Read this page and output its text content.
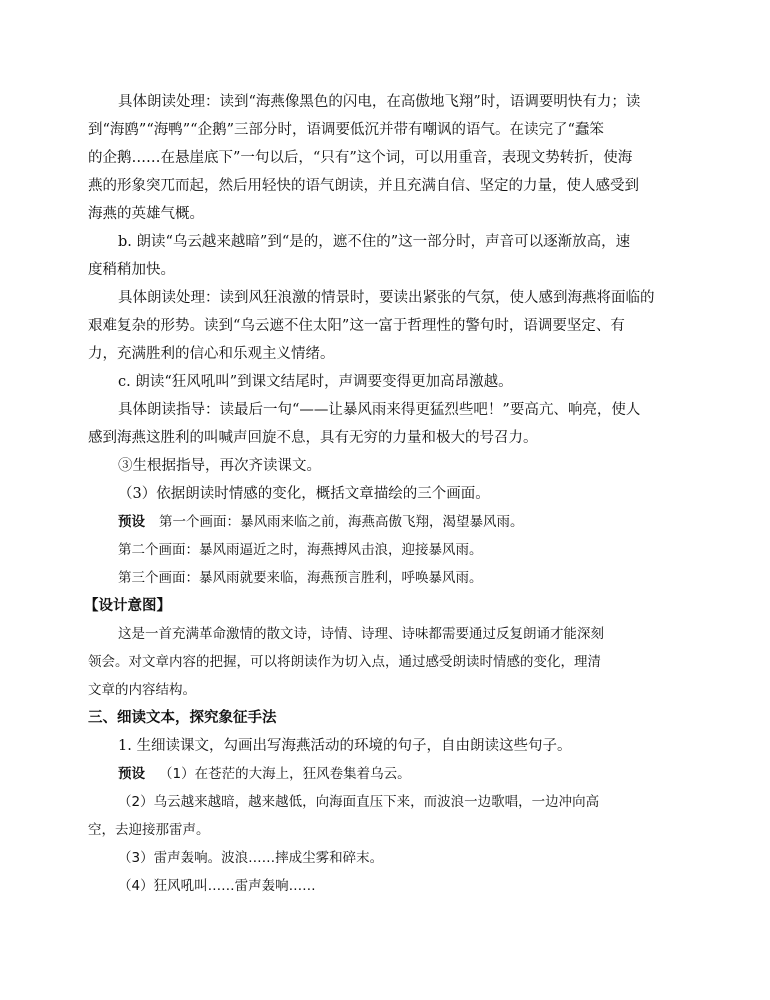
具体朗读处理：读到“海燕像黑色的闪电，在高傲地飞翔”时，语调要明快有力；读
到“海鸥”“海鸭”“企鹅”三部分时，语调要低沉并带有嘲讽的语气。在读完了“蠢笨
的企鹅……在悬崖底下”一句以后，“只有”这个词，可以用重音，表现文势转折，使海
燕的形象突兀而起，然后用轻快的语气朗读，并且充满自信、坚定的力量，使人感受到
海燕的英雄气概。
b. 朗读“乌云越来越暗”到“是的，遮不住的”这一部分时，声音可以逐渐放高，速
度稍稍加快。
具体朗读处理：读到风狂浪激的情景时，要读出紧张的气氛，使人感到海燕将面临的
艰难复杂的形势。读到“乌云遮不住太阳”这一富于哲理性的警句时，语调要坚定、有
力，充满胜利的信心和乐观主义情绪。
c. 朗读“狂风吼叫”到课文结尾时，声调要变得更加高昂激越。
具体朗读指导：读最后一句“——让暴风雨来得更猛烈些吧！”要高亢、响亮，使人
感到海燕这胜利的叫喊声回旋不息，具有无穷的力量和极大的号召力。
③生根据指导，再次齐读课文。
（3）依据朗读时情感的变化，概括文章描绘的三个画面。
预设 第一个画面：暴风雨来临之前，海燕高傲飞翔，渴望暴风雨。
第二个画面：暴风雨逼近之时，海燕搏风击浪，迎接暴风雨。
第三个画面：暴风雨就要来临，海燕预言胜利，呼唤暴风雨。
【设计意图】
这是一首充满革命激情的散文诗，诗情、诗理、诗味都需要通过反复朗诵才能深刻
领会。对文章内容的把握，可以将朗读作为切入点，通过感受朗读时情感的变化，理清
文章的内容结构。
三、细读文本，探究象征手法
1. 生细读课文，勾画出写海燕活动的环境的句子，自由朗读这些句子。
预设 （1）在苍茫的大海上，狂风卷集着乌云。
（2）乌云越来越暗，越来越低，向海面直压下来，而波浪一边歌唱，一边冲向高
空，去迎接那雷声。
（3）雷声轰响。波浪……摔成尘雾和碎末。
（4）狂风吼叫……雷声轰响……
